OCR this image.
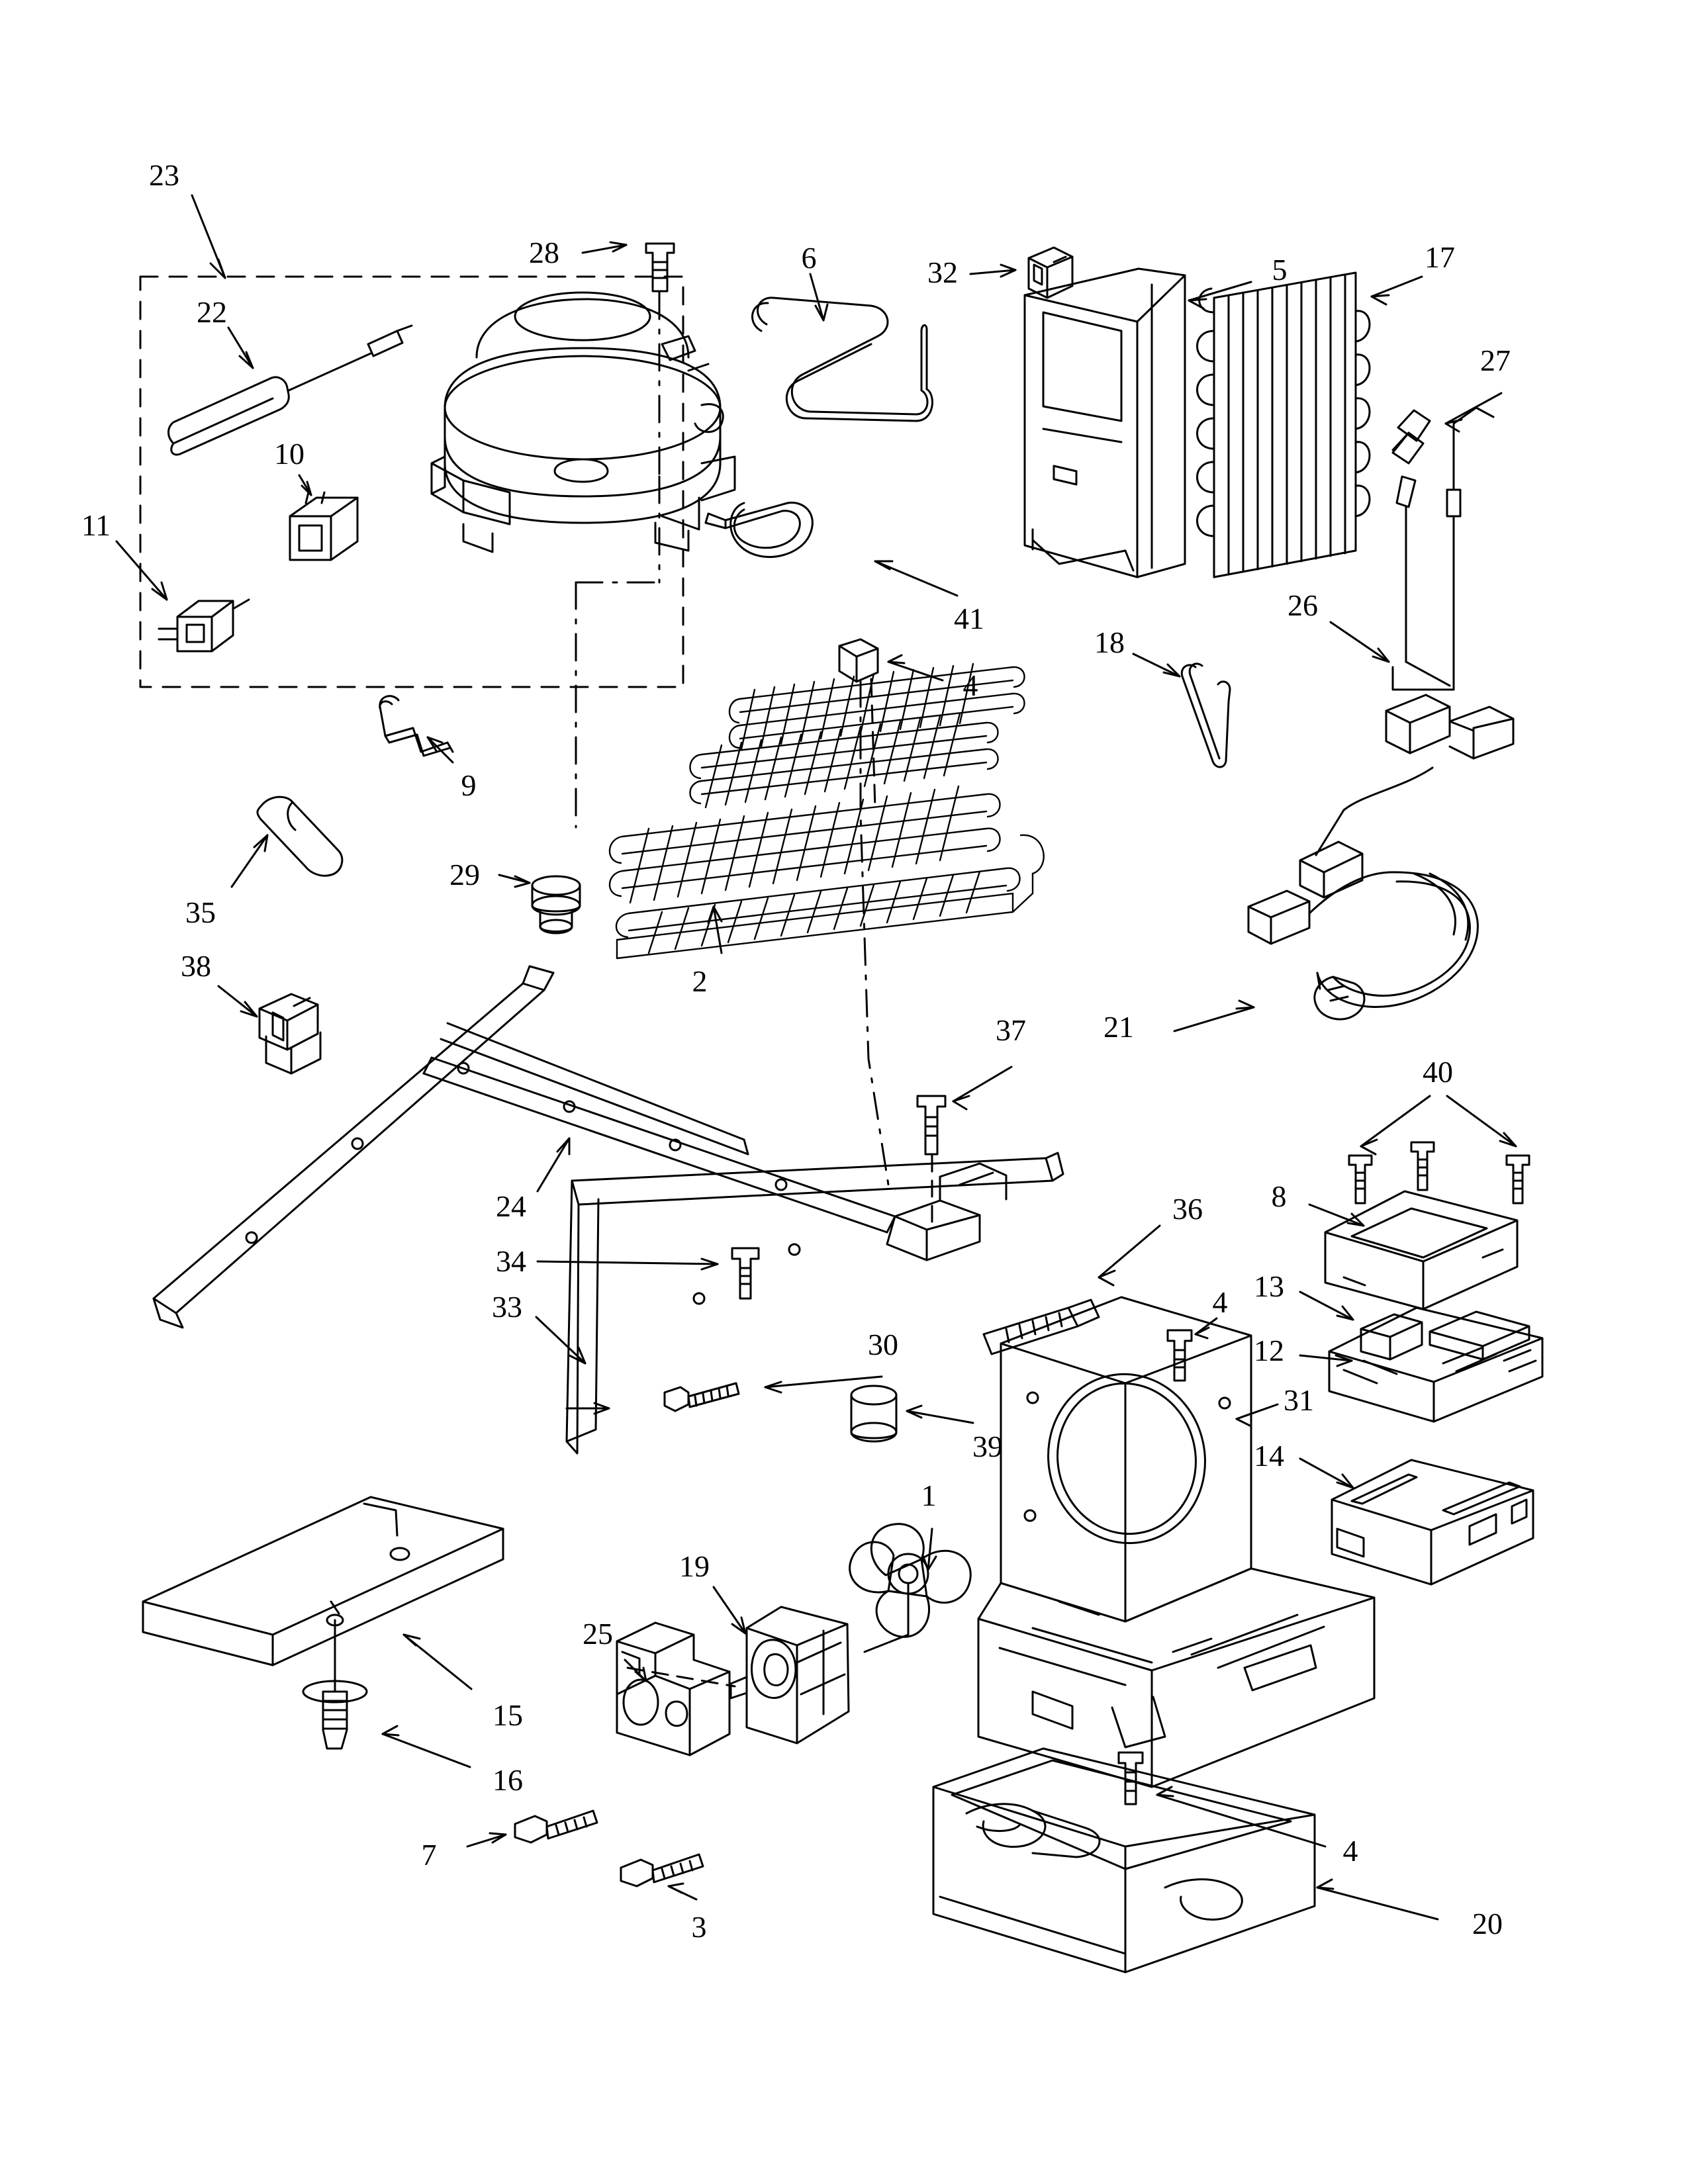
23
28	6	32	5	17
22
27
10
11
41	26
18
4
9
35
29
2
38
21
37
40
24	8
36
34
13
33
12
4
30
31
14
39
1
19
25
15
16
7	4
3	20
